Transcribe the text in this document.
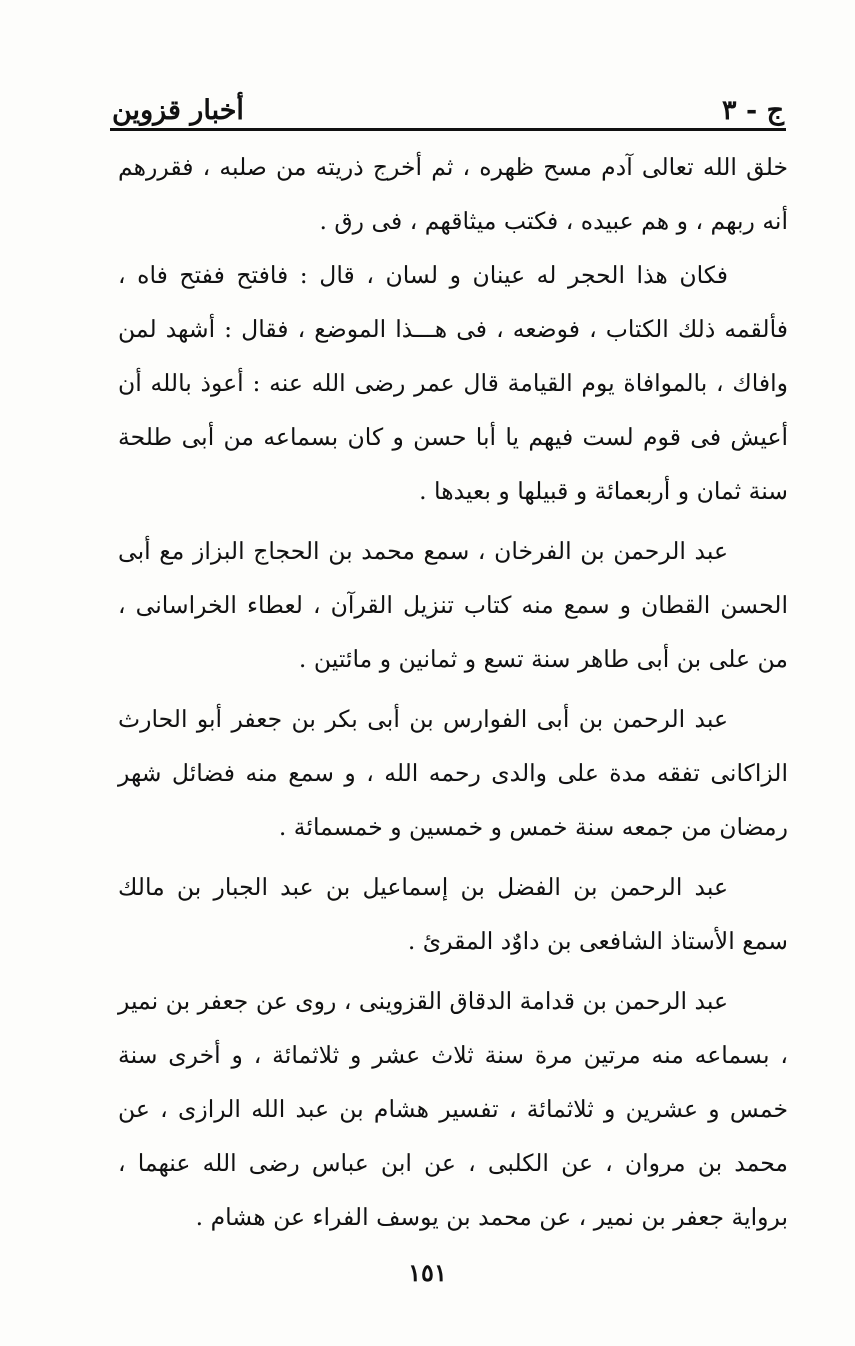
أخبار قزوين	ج - ٣

خلق الله تعالى آدم مسح ظهره ، ثم أخرج ذريته من صلبه ، فقررهم أنه ربهم ، و هم عبيده ، فكتب ميثاقهم ، فى رق .

فكان هذا الحجر له عينان و لسان ، قال : فافتح ففتح فاه ، فألقمه ذلك الكتاب ، فوضعه ، فى هـــذا الموضع ، فقال : أشهد لمن وافاك ، بالموافاة يوم القيامة قال عمر رضى الله عنه : أعوذ بالله أن أعيش فى قوم لست فيهم يا أبا حسن و كان بسماعه من أبى طلحة سنة ثمان و أربعمائة و قبيلها و بعيدها .

عبد الرحمن بن الفرخان ، سمع محمد بن الحجاج البزاز مع أبى الحسن القطان و سمع منه كتاب تنزيل القرآن ، لعطاء الخراسانى ، من على بن أبى طاهر سنة تسع و ثمانين و مائتين .

عبد الرحمن بن أبى الفوارس بن أبى بكر بن جعفر أبو الحارث الزاكانى تفقه مدة على والدى رحمه الله ، و سمع منه فضائل شهر رمضان من جمعه سنة خمس و خمسين و خمسمائة .

عبد الرحمن بن الفضل بن إسماعيل بن عبد الجبار بن مالك سمع الأستاذ الشافعى بن داوٌد المقرئ .

عبد الرحمن بن قدامة الدقاق القزوينى ، روى عن جعفر بن نمير ، بسماعه منه مرتين مرة سنة ثلاث عشر و ثلاثمائة ، و أخرى سنة خمس و عشرين و ثلاثمائة ، تفسير هشام بن عبد الله الرازى ، عن محمد بن مروان ، عن الكلبى ، عن ابن عباس رضى الله عنهما ، برواية جعفر بن نمير ، عن محمد بن يوسف الفراء عن هشام .

١٥١
